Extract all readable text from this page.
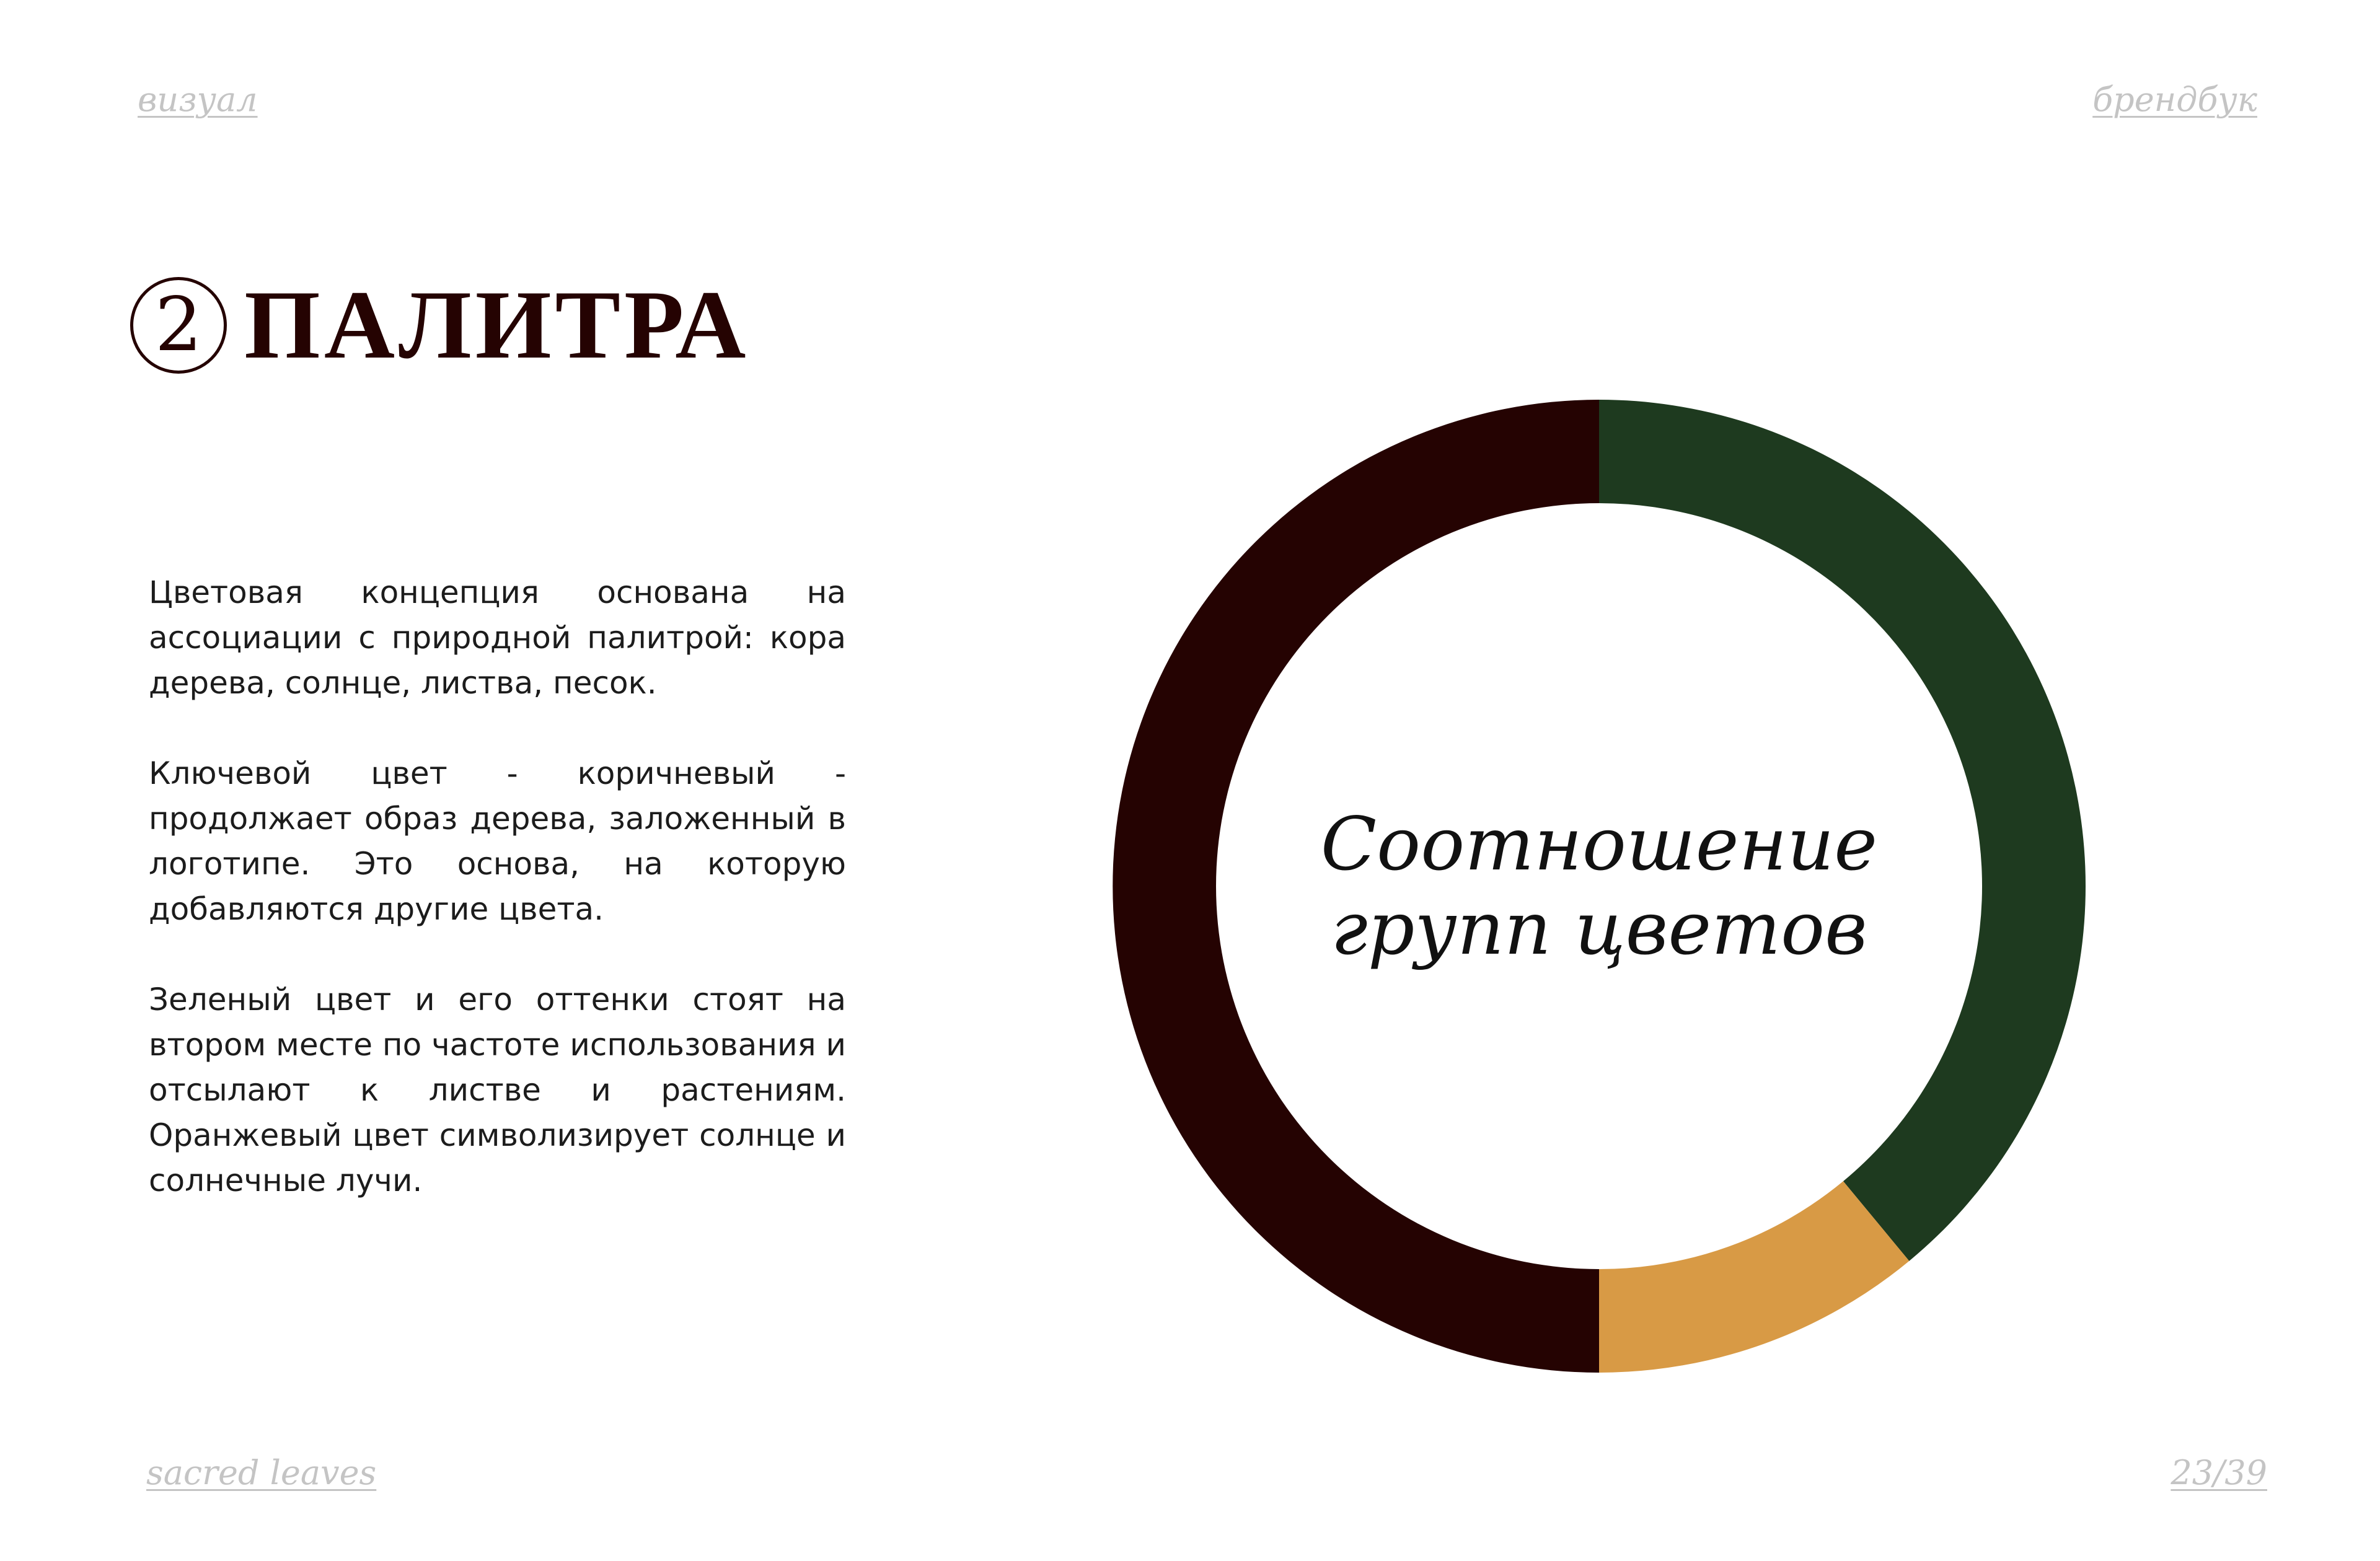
визуал	брендбук
2 ПАЛИТРА

Цветовая концепция основана на ассоциации с природной палитрой: кора дерева, солнце, листва, песок.

Ключевой цвет - коричневый - продолжает образ дерева, заложенный в логотипе. Это основа, на которую добавляются другие цвета.

Зеленый цвет и его оттенки стоят на втором месте по частоте использования и отсылают к листве и растениям. Оранжевый цвет символизирует солнце и солнечные лучи.

Соотношение
групп цветов
sacred leaves	23/39
